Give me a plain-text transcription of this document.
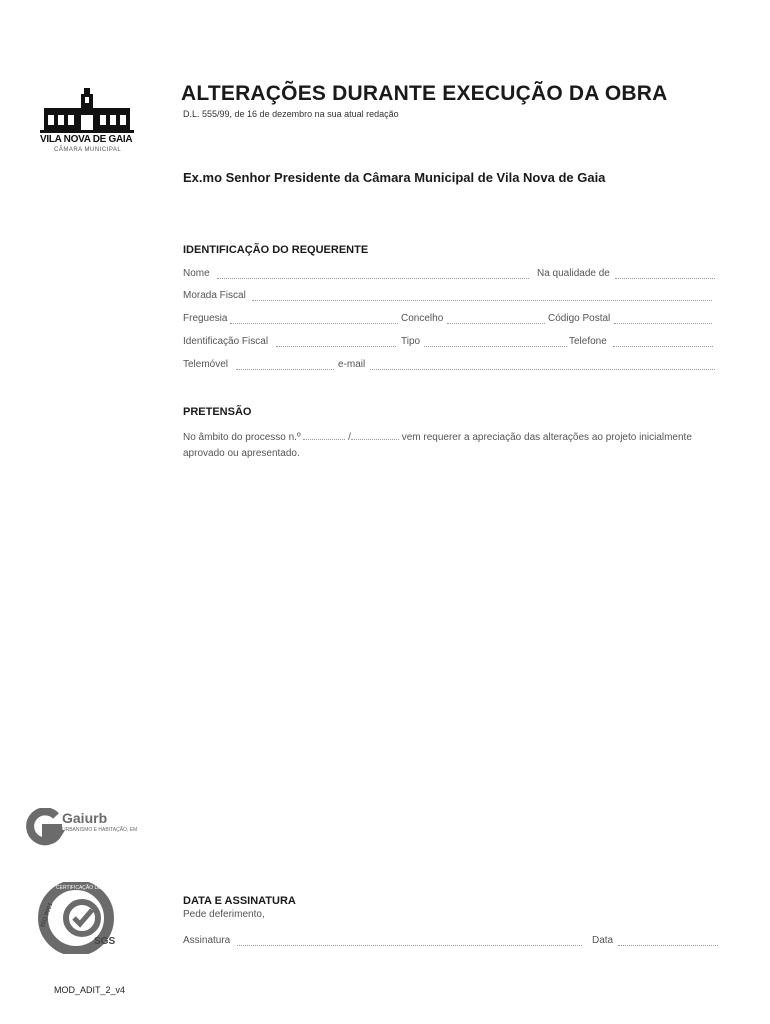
VILA NOVA DE GAIA
CÂMARA MUNICIPAL
ALTERAÇÕES DURANTE EXECUÇÃO DA OBRA
D.L. 555/99, de 16 de dezembro na sua atual redação
Ex.mo Senhor Presidente da Câmara Municipal de Vila Nova de Gaia
IDENTIFICAÇÃO DO REQUERENTE
Nome	Na qualidade de
Morada Fiscal
Freguesia	Concelho	Código Postal
Identificação Fiscal	Tipo	Telefone
Telemóvel	e-mail
PRETENSÃO
No âmbito do processo n.º	/	vem requerer a apreciação das alterações ao projeto inicialmente aprovado ou apresentado.
Gaiurb
URBANISMO E HABITAÇÃO, EM
CERTIFICAÇÃO DE SISTEMA
ISO 9001
SGS
DATA E ASSINATURA
Pede deferimento,
Assinatura	Data
MOD_ADIT_2_v4
